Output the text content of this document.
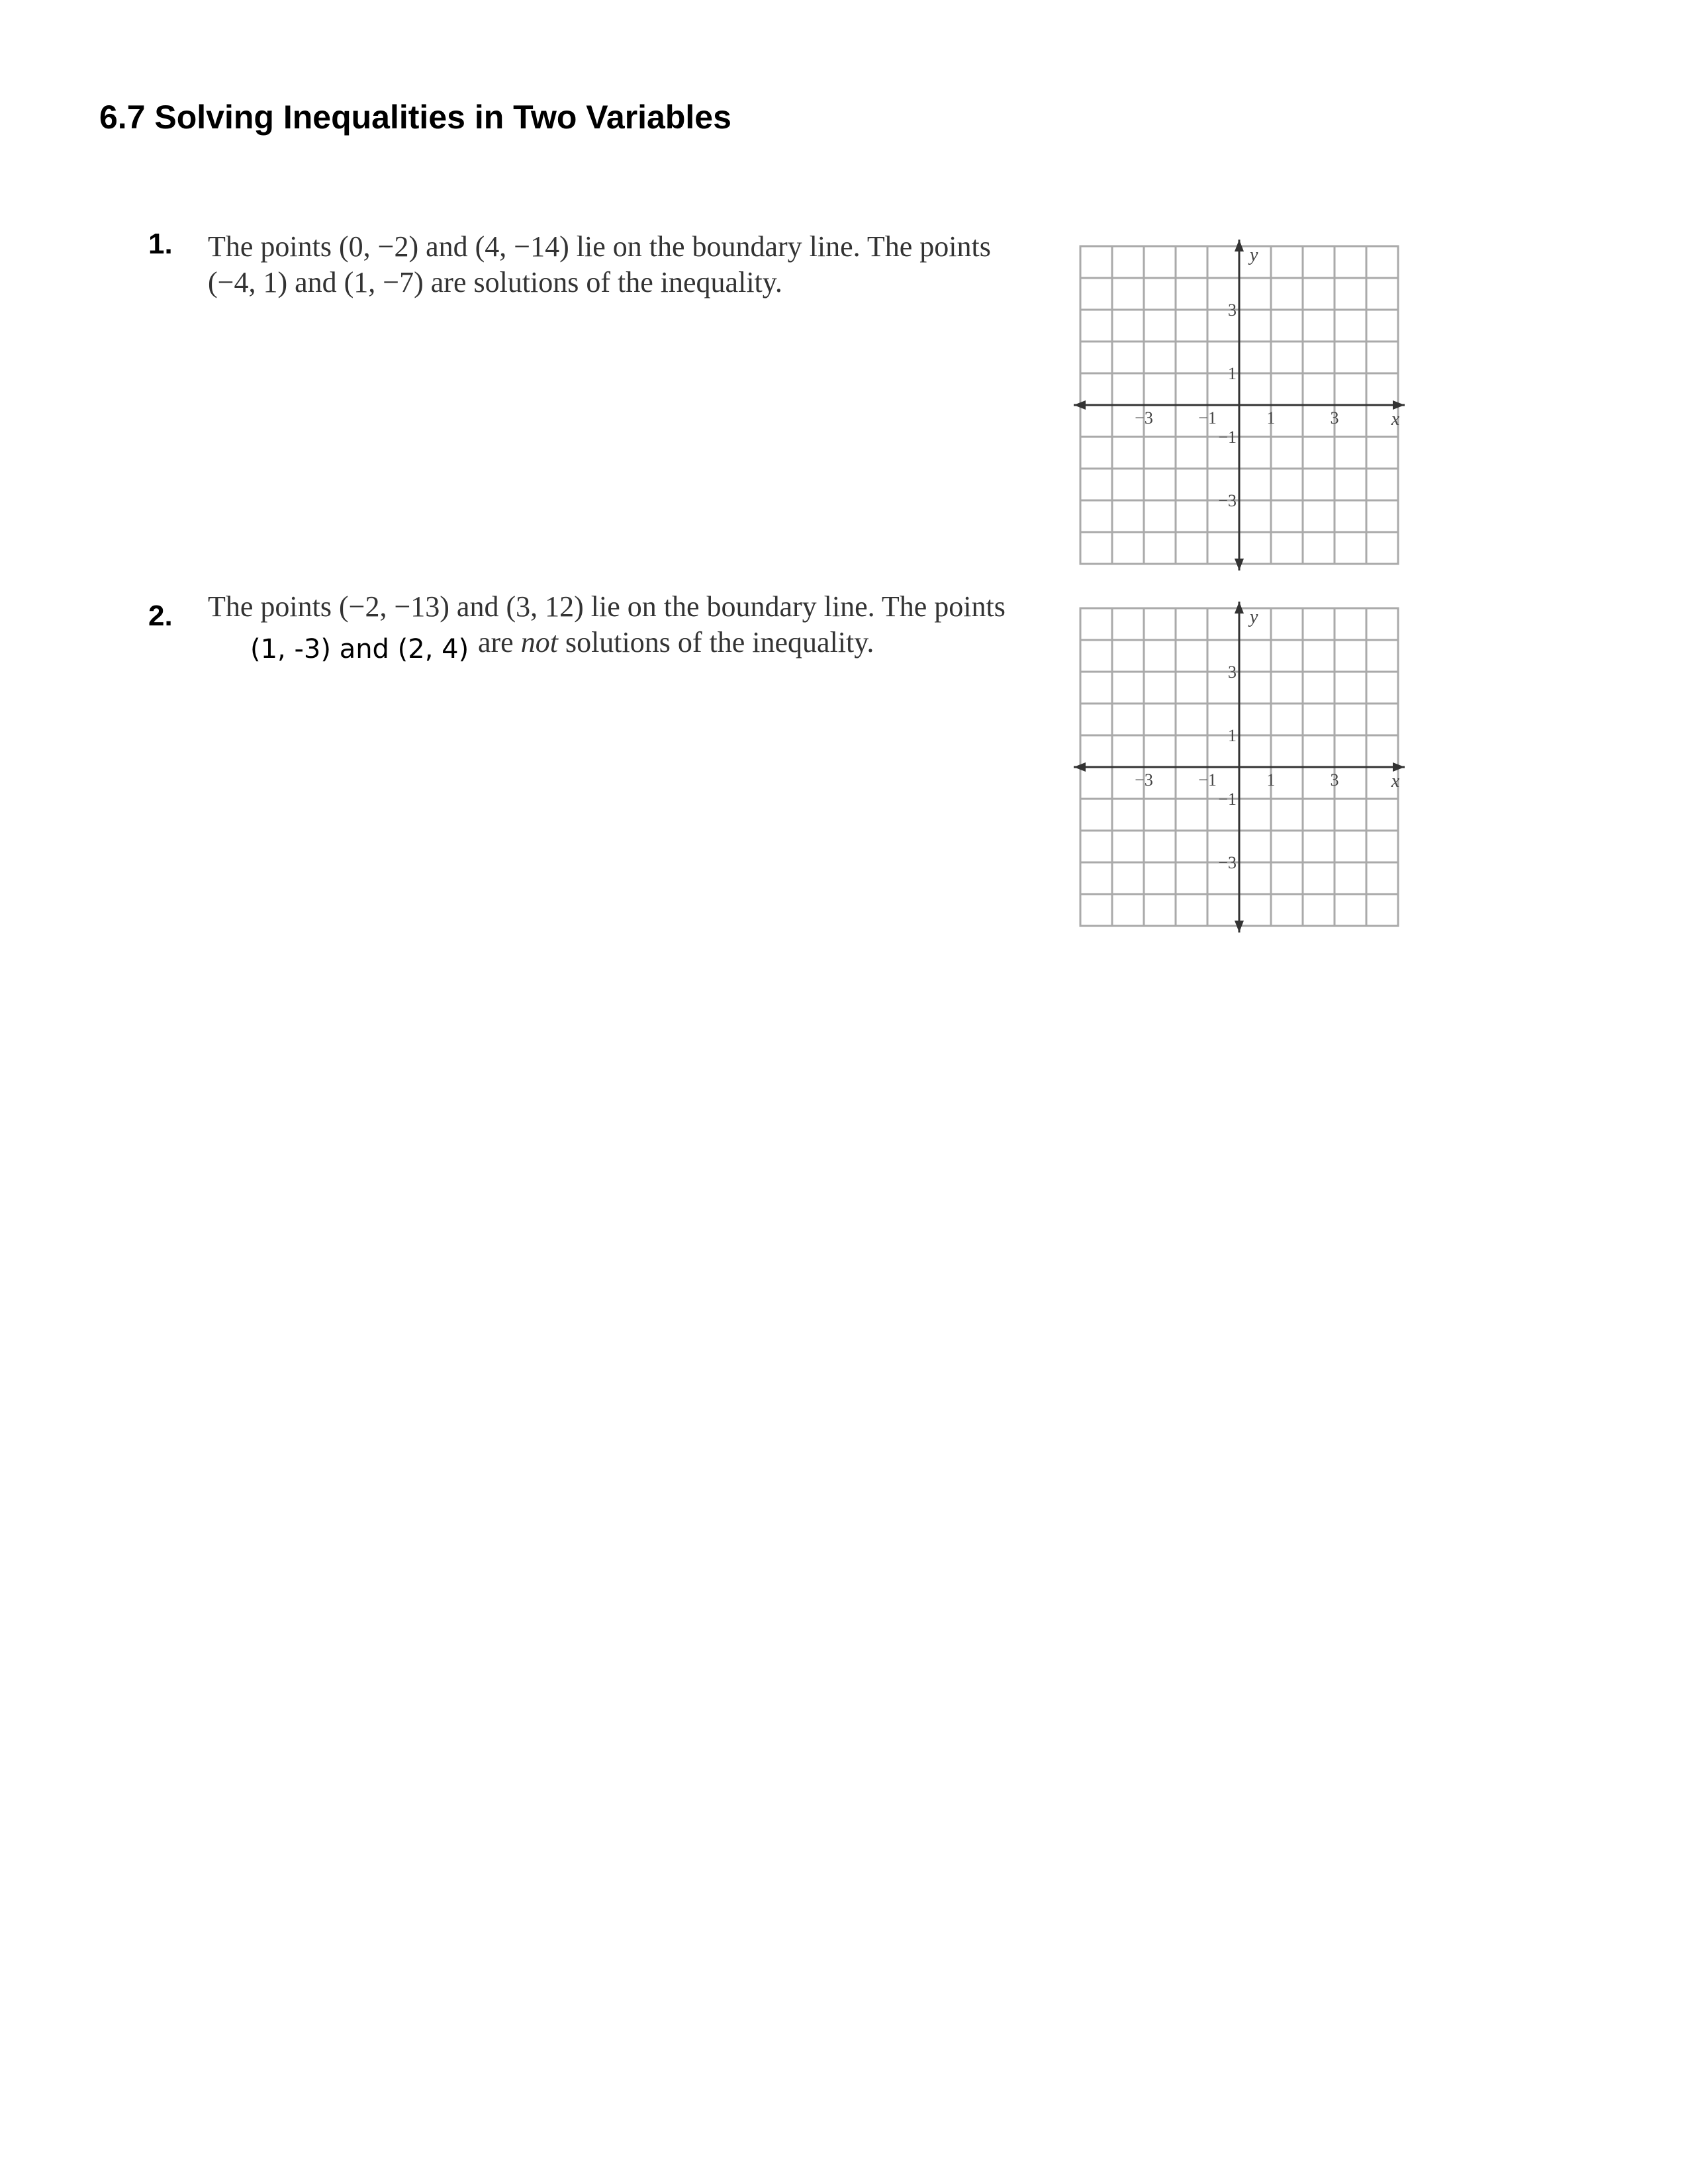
6.7 Solving Inequalities in Two Variables
1. The points (0, −2) and (4, −14) lie on the boundary line. The points
(−4, 1) and (1, −7) are solutions of the inequality.
−3	−1	1	3
3
1
−1
−3
x
y
2. The points (−2, −13) and (3, 12) lie on the boundary line. The points
(1, -3) and (2, 4) are not solutions of the inequality.
−3	−1	1	3
3
1
−1
−3
x
y
